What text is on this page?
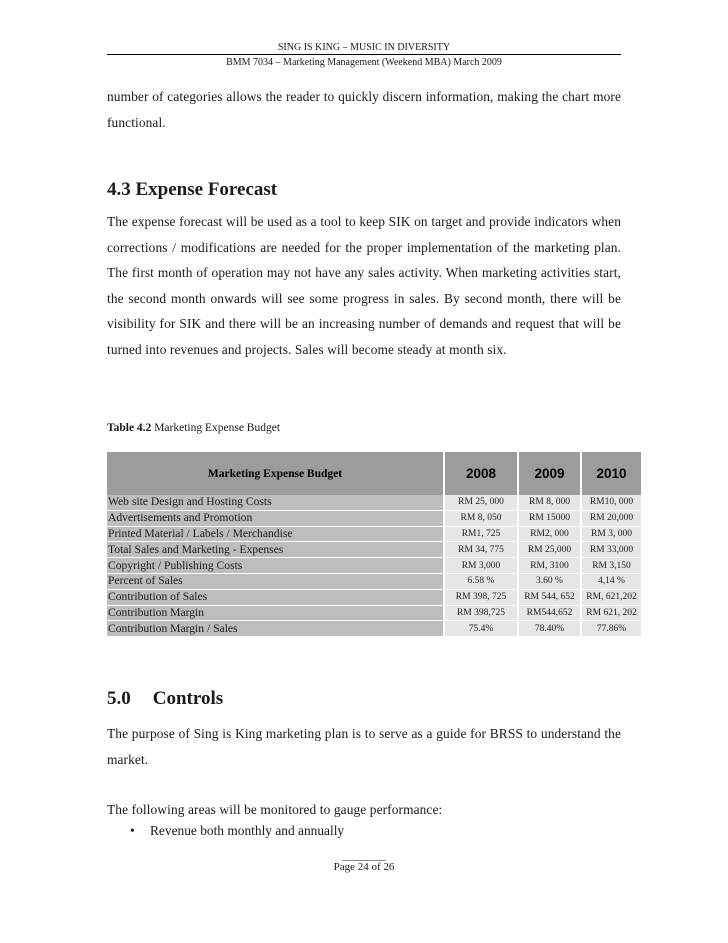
SING IS KING – MUSIC IN DIVERSITY
BMM 7034 – Marketing Management (Weekend MBA) March 2009
number of categories allows the reader to quickly discern information, making the chart more functional.
4.3 Expense Forecast
The expense forecast will be used as a tool to keep SIK on target and provide indicators when corrections / modifications are needed for the proper implementation of the marketing plan. The first month of operation may not have any sales activity. When marketing activities start, the second month onwards will see some progress in sales. By second month, there will be visibility for SIK and there will be an increasing number of demands and request that will be turned into revenues and projects. Sales will become steady at month six.
Table 4.2 Marketing Expense Budget
Marketing Expense Budget	2008	2009	2010
Web site Design and Hosting Costs	RM 25, 000	RM 8, 000	RM10, 000
Advertisements and Promotion	RM 8, 050	RM 15000	RM 20,000
Printed Material / Labels / Merchandise	RM1, 725	RM2, 000	RM 3, 000
Total Sales and Marketing - Expenses	RM 34, 775	RM 25,000	RM 33,000
Copyright / Publishing Costs	RM 3,000	RM, 3100	RM 3,150
Percent of Sales	6.58 %	3.60 %	4,14 %
Contribution of Sales	RM 398, 725	RM 544, 652	RM, 621,202
Contribution Margin	RM 398,725	RM544,652	RM 621, 202
Contribution Margin / Sales	75.4%	78.40%	77.86%
5.0 Controls
The purpose of Sing is King marketing plan is to serve as a guide for BRSS to understand the market.
The following areas will be monitored to gauge performance:
• Revenue both monthly and annually
Page 24 of 26
